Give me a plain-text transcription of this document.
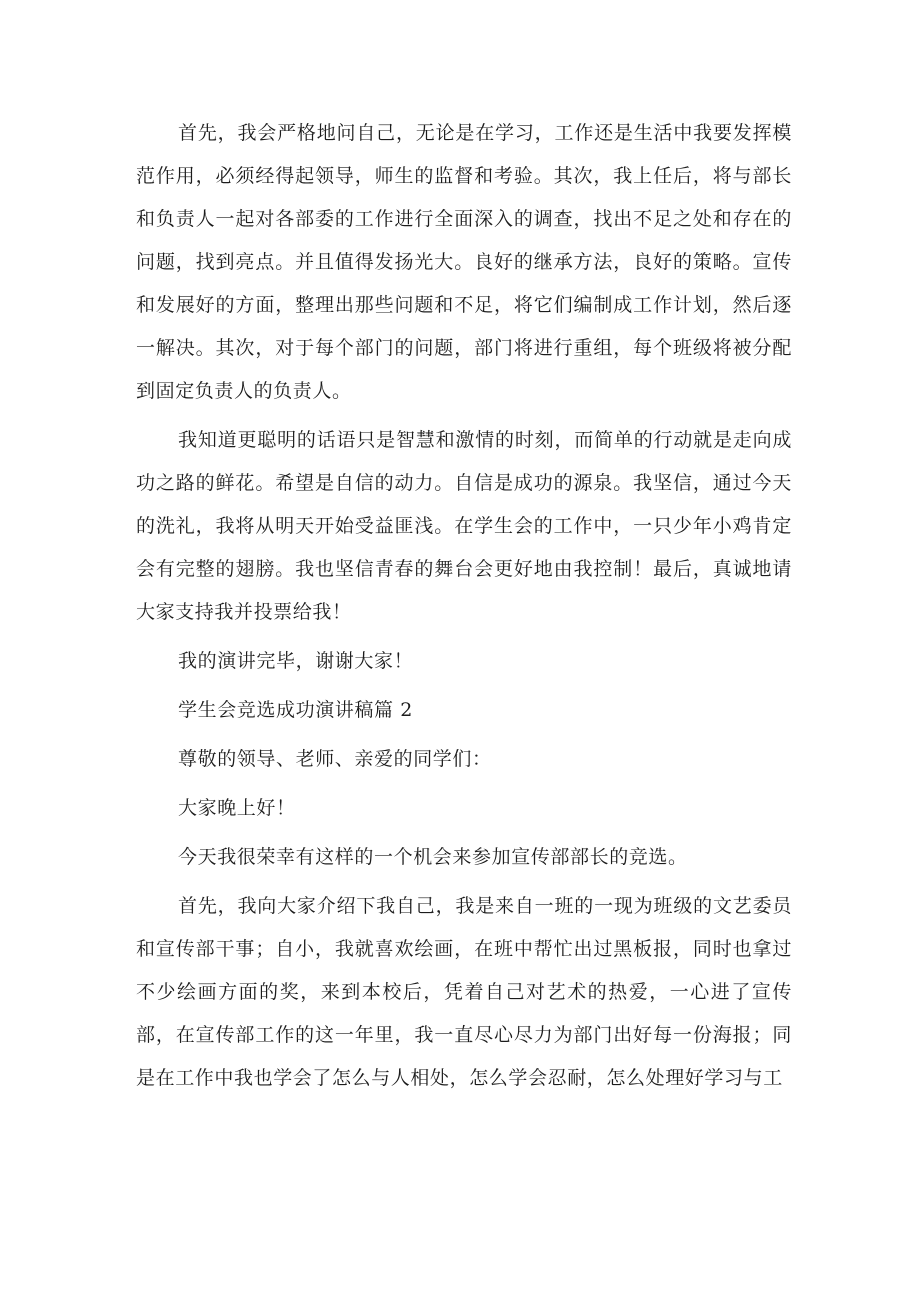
首先，我会严格地问自己，无论是在学习，工作还是生活中我要发挥模范作用，必须经得起领导，师生的监督和考验。其次，我上任后，将与部长和负责人一起对各部委的工作进行全面深入的调查，找出不足之处和存在的问题，找到亮点。并且值得发扬光大。良好的继承方法，良好的策略。宣传和发展好的方面，整理出那些问题和不足，将它们编制成工作计划，然后逐一解决。其次，对于每个部门的问题，部门将进行重组，每个班级将被分配到固定负责人的负责人。

我知道更聪明的话语只是智慧和激情的时刻，而简单的行动就是走向成功之路的鲜花。希望是自信的动力。自信是成功的源泉。我坚信，通过今天的洗礼，我将从明天开始受益匪浅。在学生会的工作中，一只少年小鸡肯定会有完整的翅膀。我也坚信青春的舞台会更好地由我控制！最后，真诚地请大家支持我并投票给我！

我的演讲完毕，谢谢大家！

学生会竞选成功演讲稿篇 2

尊敬的领导、老师、亲爱的同学们：

大家晚上好！

今天我很荣幸有这样的一个机会来参加宣传部部长的竞选。

首先，我向大家介绍下我自己，我是来自一班的一现为班级的文艺委员和宣传部干事；自小，我就喜欢绘画，在班中帮忙出过黑板报，同时也拿过不少绘画方面的奖，来到本校后，凭着自己对艺术的热爱，一心进了宣传部，在宣传部工作的这一年里，我一直尽心尽力为部门出好每一份海报；同是在工作中我也学会了怎么与人相处，怎么学会忍耐，怎么处理好学习与工
